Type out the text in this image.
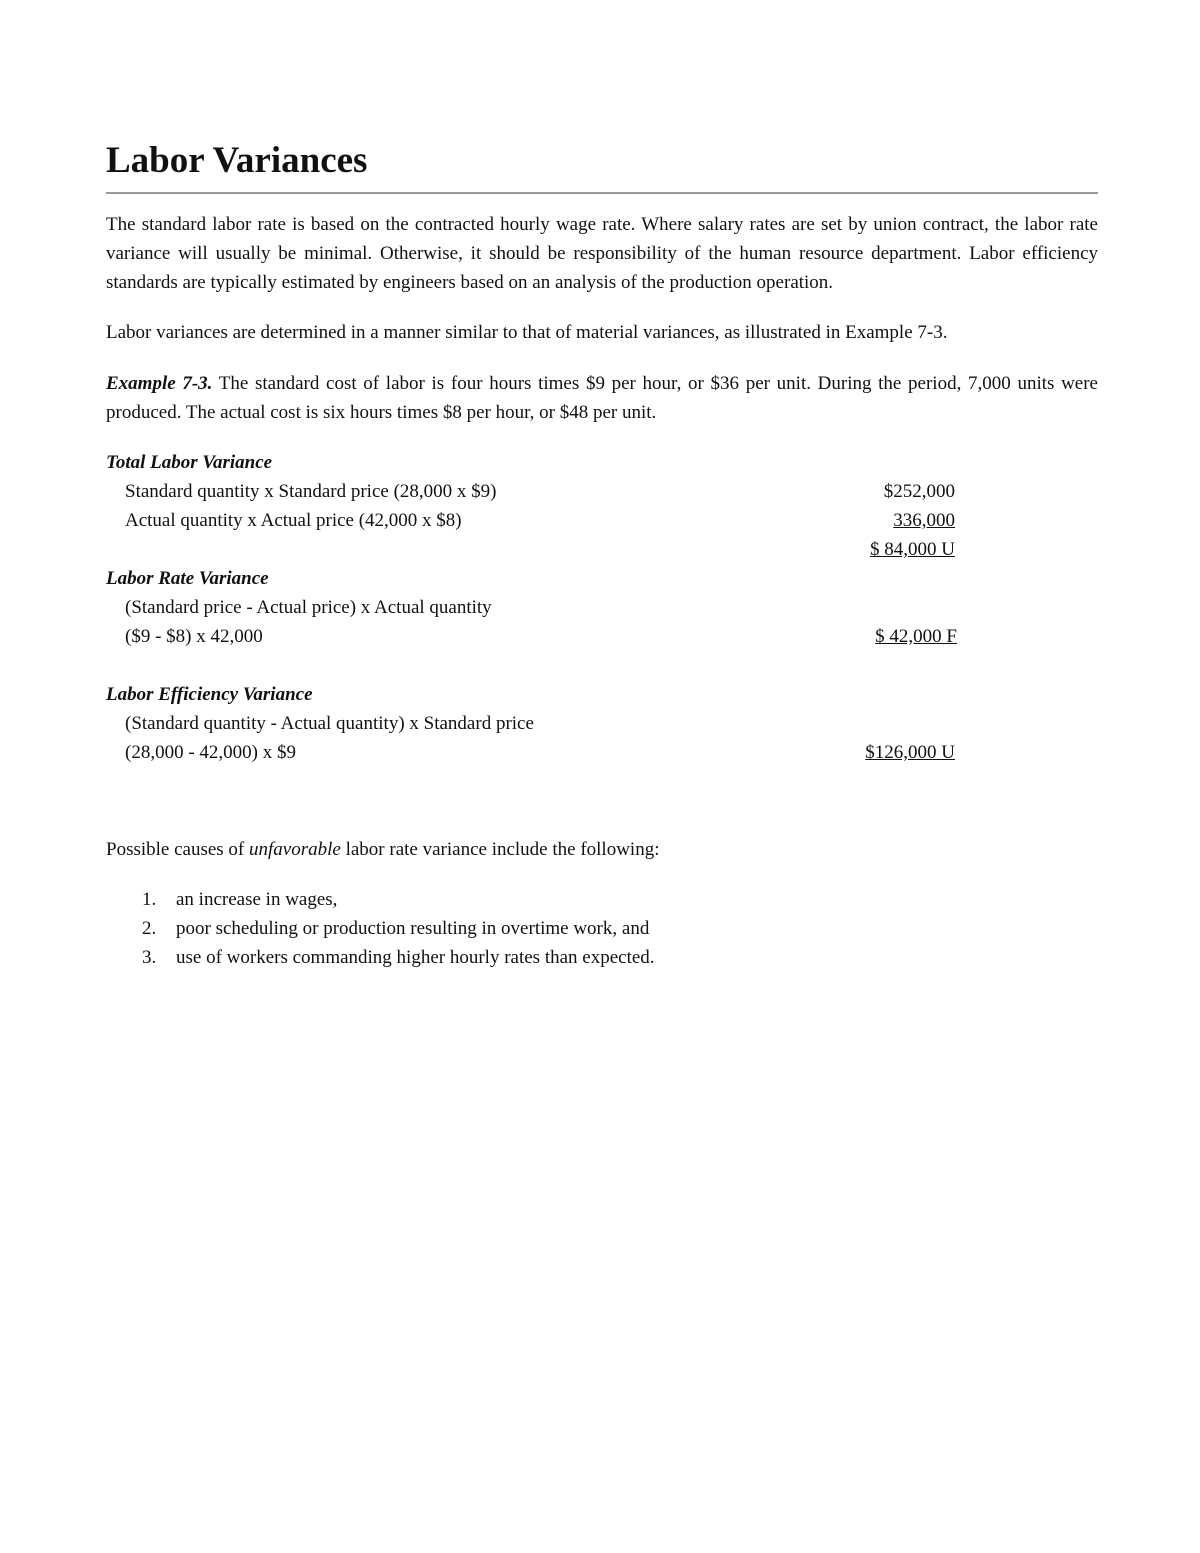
Labor Variances

The standard labor rate is based on the contracted hourly wage rate. Where salary rates are set by union contract, the labor rate variance will usually be minimal. Otherwise, it should be responsibility of the human resource department. Labor efficiency standards are typically estimated by engineers based on an analysis of the production operation.

Labor variances are determined in a manner similar to that of material variances, as illustrated in Example 7-3.

Example 7-3. The standard cost of labor is four hours times $9 per hour, or $36 per unit. During the period, 7,000 units were produced. The actual cost is six hours times $8 per hour, or $48 per unit.

Total Labor Variance
Standard quantity x Standard price (28,000 x $9)	$252,000
Actual quantity x Actual price (42,000 x $8)	336,000
$ 84,000 U
Labor Rate Variance
(Standard price - Actual price) x Actual quantity
($9 - $8) x 42,000	$ 42,000 F
Labor Efficiency Variance
(Standard quantity - Actual quantity) x Standard price
(28,000 - 42,000) x $9	$126,000 U
Possible causes of unfavorable labor rate variance include the following:
1. an increase in wages,
2. poor scheduling or production resulting in overtime work, and
3. use of workers commanding higher hourly rates than expected.
